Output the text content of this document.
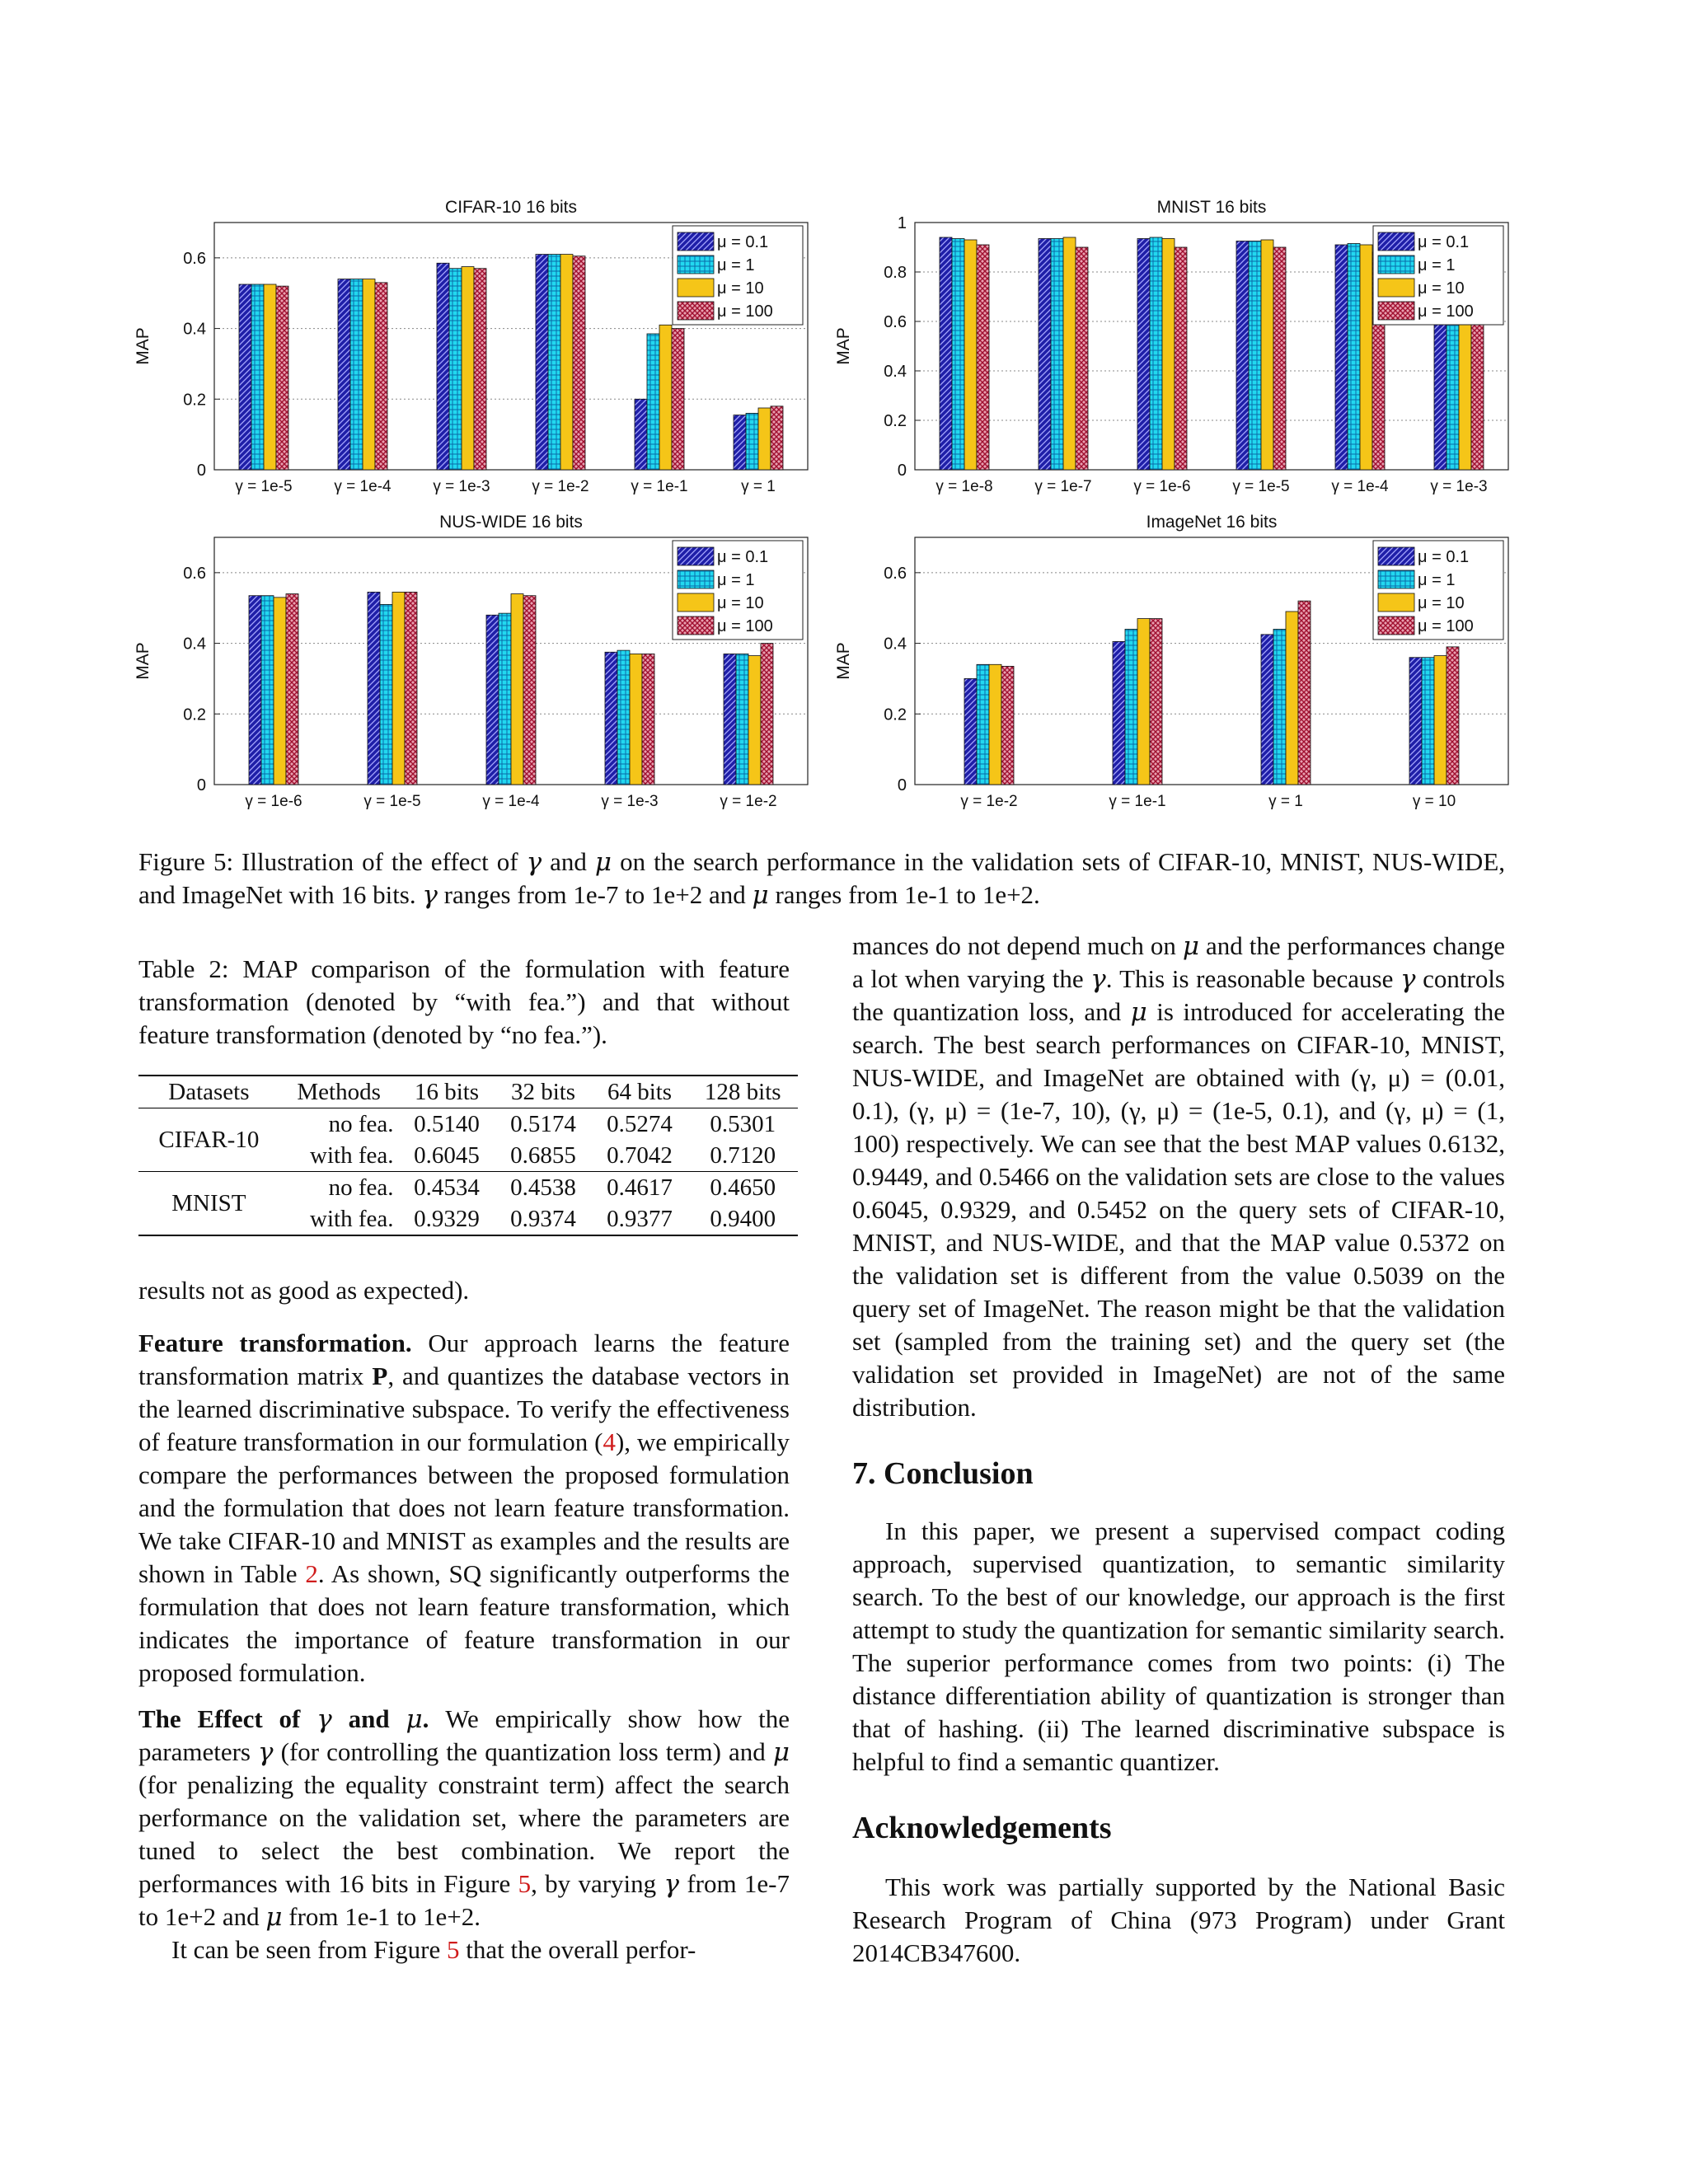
CIFAR-10 16 bits
0
0.2
0.4
0.6
MAP
γ = 1e-5	γ = 1e-4	γ = 1e-3	γ = 1e-2	γ = 1e-1	γ = 1
μ = 0.1
μ = 1
μ = 10
μ = 100
MNIST 16 bits
0
0.2
0.4
0.6
0.8
1
MAP
γ = 1e-8	γ = 1e-7	γ = 1e-6	γ = 1e-5	γ = 1e-4	γ = 1e-3
μ = 0.1
μ = 1
μ = 10
μ = 100
NUS-WIDE 16 bits
0
0.2
0.4
0.6
MAP
γ = 1e-6	γ = 1e-5	γ = 1e-4	γ = 1e-3	γ = 1e-2
μ = 0.1
μ = 1
μ = 10
μ = 100
ImageNet 16 bits
0
0.2
0.4
0.6
MAP
γ = 1e-2	γ = 1e-1	γ = 1	γ = 10
μ = 0.1
μ = 1
μ = 10
μ = 100

Figure 5: Illustration of the effect of γ and μ on the search performance in the validation sets of CIFAR-10, MNIST, NUS-WIDE, and ImageNet with 16 bits. γ ranges from 1e-7 to 1e+2 and μ ranges from 1e-1 to 1e+2.

Table 2: MAP comparison of the formulation with feature transformation (denoted by “with fea.”) and that without feature transformation (denoted by “no fea.”).

Datasets	Methods	16 bits	32 bits	64 bits	128 bits
CIFAR-10	no fea.	0.5140	0.5174	0.5274	0.5301
	with fea.	0.6045	0.6855	0.7042	0.7120
MNIST	no fea.	0.4534	0.4538	0.4617	0.4650
	with fea.	0.9329	0.9374	0.9377	0.9400

results not as good as expected).

Feature transformation. Our approach learns the feature transformation matrix P, and quantizes the database vectors in the learned discriminative subspace. To verify the effectiveness of feature transformation in our formulation (4), we empirically compare the performances between the proposed formulation and the formulation that does not learn feature transformation. We take CIFAR-10 and MNIST as examples and the results are shown in Table 2. As shown, SQ significantly outperforms the formulation that does not learn feature transformation, which indicates the importance of feature transformation in our proposed formulation.

The Effect of γ and μ. We empirically show how the parameters γ (for controlling the quantization loss term) and μ (for penalizing the equality constraint term) affect the search performance on the validation set, where the parameters are tuned to select the best combination. We report the performances with 16 bits in Figure 5, by varying γ from 1e-7 to 1e+2 and μ from 1e-1 to 1e+2.

It can be seen from Figure 5 that the overall perfor-

mances do not depend much on μ and the performances change a lot when varying the γ. This is reasonable because γ controls the quantization loss, and μ is introduced for accelerating the search. The best search performances on CIFAR-10, MNIST, NUS-WIDE, and ImageNet are obtained with (γ, μ) = (0.01, 0.1), (γ, μ) = (1e-7, 10), (γ, μ) = (1e-5, 0.1), and (γ, μ) = (1, 100) respectively. We can see that the best MAP values 0.6132, 0.9449, and 0.5466 on the validation sets are close to the values 0.6045, 0.9329, and 0.5452 on the query sets of CIFAR-10, MNIST, and NUS-WIDE, and that the MAP value 0.5372 on the validation set is different from the value 0.5039 on the query set of ImageNet. The reason might be that the validation set (sampled from the training set) and the query set (the validation set provided in ImageNet) are not of the same distribution.

7. Conclusion

In this paper, we present a supervised compact coding approach, supervised quantization, to semantic similarity search. To the best of our knowledge, our approach is the first attempt to study the quantization for semantic similarity search. The superior performance comes from two points: (i) The distance differentiation ability of quantization is stronger than that of hashing. (ii) The learned discriminative subspace is helpful to find a semantic quantizer.

Acknowledgements

This work was partially supported by the National Basic Research Program of China (973 Program) under Grant 2014CB347600.
